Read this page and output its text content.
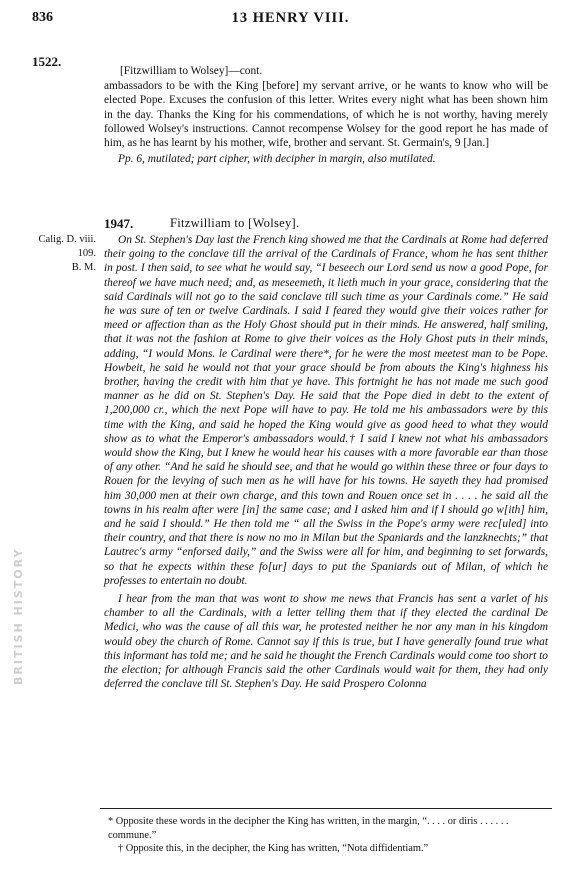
836	13 HENRY VIII.
1522.
[Fitzwilliam to Wolsey]—cont.
ambassadors to be with the King [before] my servant arrive, or he wants to know who will be elected Pope. Excuses the confusion of this letter. Writes every night what has been shown him in the day. Thanks the King for his commendations, of which he is not worthy, having merely followed Wolsey's instructions. Cannot recompense Wolsey for the good report he has made of him, as he has learnt by his mother, wife, brother and servant. St. Germain's, 9 [Jan.]
Pp. 6, mutilated; part cipher, with decipher in margin, also mutilated.
1947.	Fitzwilliam to [Wolsey].
Calig. D. viii.
109.
B. M.

On St. Stephen's Day last the French king showed me that the Cardinals at Rome had deferred their going to the conclave till the arrival of the Cardinals of France, whom he has sent thither in post. I then said, to see what he would say, “I beseech our Lord send us now a good Pope, for thereof we have much need; and, as meseemeth, it lieth much in your grace, considering that the said Cardinals will not go to the said conclave till such time as your Cardinals come.” He said he was sure of ten or twelve Cardinals. I said I feared they would give their voices rather for meed or affection than as the Holy Ghost should put in their minds. He answered, half smiling, that it was not the fashion at Rome to give their voices as the Holy Ghost puts in their minds, adding, “I would Mons. le Cardinal were there*, for he were the most meetest man to be Pope. Howbeit, he said he would not that your grace should be from abouts the King's highness his brother, having the credit with him that ye have. This fortnight he has not made me such good manner as he did on St. Stephen's Day. He said that the Pope died in debt to the extent of 1,200,000 cr., which the next Pope will have to pay. He told me his ambassadors were by this time with the King, and said he hoped the King would give as good heed to what they would show as to what the Emperor's ambassadors would.† I said I knew not what his ambassadors would show the King, but I knew he would hear his causes with a more favorable ear than those of any other. “And he said he should see, and that he would go within these three or four days to Rouen for the levying of such men as he will have for his towns. He sayeth they had promised him 30,000 men at their own charge, and this town and Rouen once set in . . . . he said all the towns in his realm after were [in] the same case; and I asked him and if I should go w[ith] him, and he said I should.” He then told me “ all the Swiss in the Pope's army were rec[uled] into their country, and that there is now no mo in Milan but the Spaniards and the lanzknechts;” that Lautrec's army “enforsed daily,” and the Swiss were all for him, and beginning to set forwards, so that he expects within these fo[ur] days to put the Spaniards out of Milan, of which he professes to entertain no doubt.

I hear from the man that was wont to show me news that Francis has sent a varlet of his chamber to all the Cardinals, with a letter telling them that if they elected the cardinal De Medici, who was the cause of all this war, he protested neither he nor any man in his kingdom would obey the church of Rome. Cannot say if this is true, but I have generally found true what this informant has told me; and he said he thought the French Cardinals would come too short to the election; for although Francis said the other Cardinals would wait for them, they had only deferred the conclave till St. Stephen's Day. He said Prospero Colonna

* Opposite these words in the decipher the King has written, in the margin, “. . . . or diris . . . . . . commune.”
† Opposite this, in the decipher, the King has written, “Nota diffidentiam.”
BRITISH HISTORY
